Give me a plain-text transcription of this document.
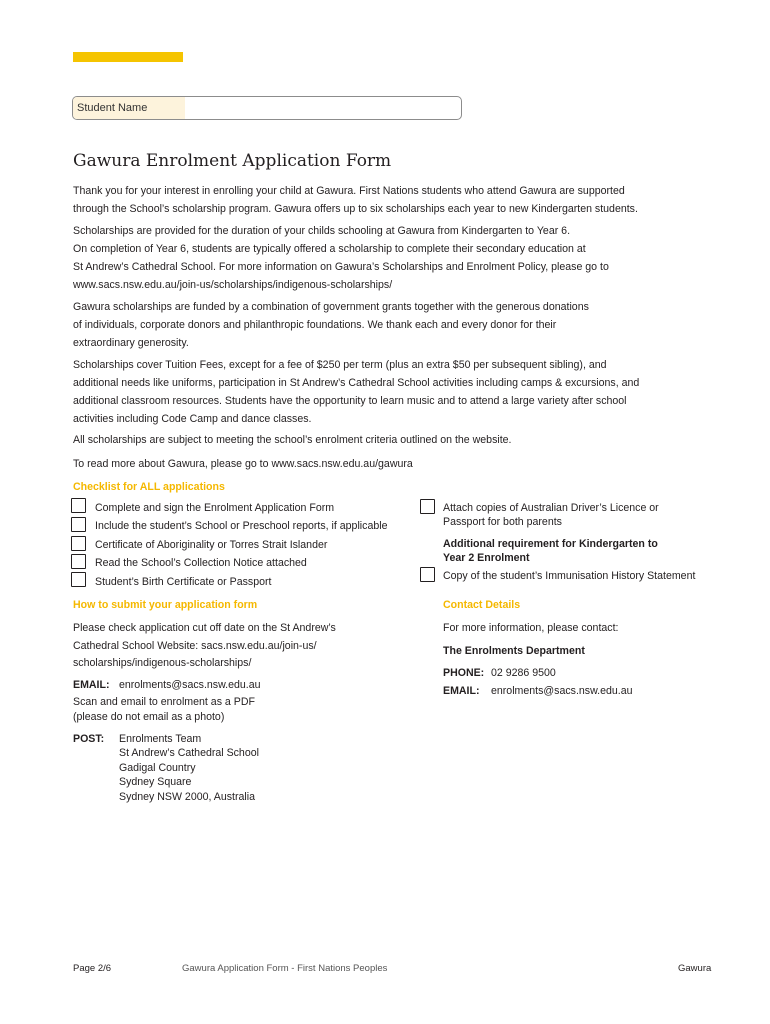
Student Name
Gawura Enrolment Application Form
Thank you for your interest in enrolling your child at Gawura. First Nations students who attend Gawura are supported
through the School’s scholarship program. Gawura offers up to six scholarships each year to new Kindergarten students.
Scholarships are provided for the duration of your childs schooling at Gawura from Kindergarten to Year 6.
On completion of Year 6, students are typically offered a scholarship to complete their secondary education at
St Andrew’s Cathedral School. For more information on Gawura’s Scholarships and Enrolment Policy, please go to
www.sacs.nsw.edu.au/join-us/scholarships/indigenous-scholarships/
Gawura scholarships are funded by a combination of government grants together with the generous donations
of individuals, corporate donors and philanthropic foundations. We thank each and every donor for their
extraordinary generosity.
Scholarships cover Tuition Fees, except for a fee of $250 per term (plus an extra $50 per subsequent sibling), and
additional needs like uniforms, participation in St Andrew’s Cathedral School activities including camps & excursions, and
additional classroom resources. Students have the opportunity to learn music and to attend a large variety after school
activities including Code Camp and dance classes.
All scholarships are subject to meeting the school’s enrolment criteria outlined on the website.
To read more about Gawura, please go to www.sacs.nsw.edu.au/gawura
Checklist for ALL applications
Complete and sign the Enrolment Application Form
Include the student’s School or Preschool reports, if applicable
Certificate of Aboriginality or Torres Strait Islander
Read the School’s Collection Notice attached
Student’s Birth Certificate or Passport
Attach copies of Australian Driver’s Licence or
Passport for both parents
Additional requirement for Kindergarten to
Year 2 Enrolment
Copy of the student’s Immunisation History Statement
How to submit your application form
Please check application cut off date on the St Andrew’s
Cathedral School Website: sacs.nsw.edu.au/join-us/
scholarships/indigenous-scholarships/
EMAIL: enrolments@sacs.nsw.edu.au
Scan and email to enrolment as a PDF
(please do not email as a photo)
POST: Enrolments Team
St Andrew’s Cathedral School
Gadigal Country
Sydney Square
Sydney NSW 2000, Australia
Contact Details
For more information, please contact:
The Enrolments Department
PHONE: 02 9286 9500
EMAIL: enrolments@sacs.nsw.edu.au
Page 2/6	Gawura Application Form - First Nations Peoples	Gawura
